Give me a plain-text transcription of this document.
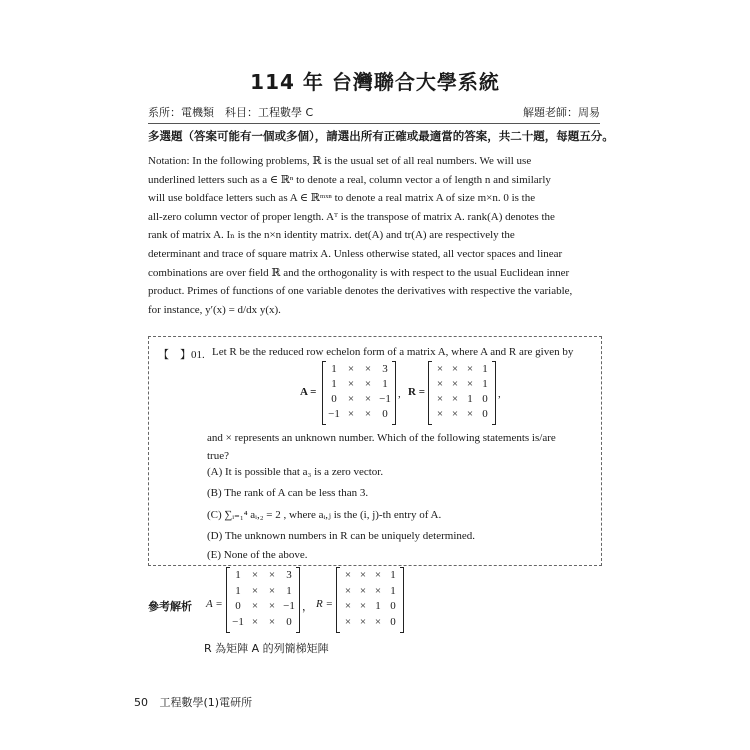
114 年 台灣聯合大學系統
系所：電機類　科目：工程數學 C	解題老師：周易
多選題（答案可能有一個或多個），請選出所有正確或最適當的答案，共二十題，每題五分。
Notation: In the following problems, ℝ is the usual set of all real numbers. We will use
underlined letters such as a ∈ ℝⁿ to denote a real, column vector a of length n and similarly
will use boldface letters such as A ∈ ℝᵐˣⁿ to denote a real matrix A of size m×n. 0 is the
all-zero column vector of proper length. Aᵀ is the transpose of matrix A. rank(A) denotes the
rank of matrix A. Iₙ is the n×n identity matrix. det(A) and tr(A) are respectively the
determinant and trace of square matrix A. Unless otherwise stated, all vector spaces and linear
combinations are over field ℝ and the orthogonality is with respect to the usual Euclidean inner
product. Primes of functions of one variable denotes the derivatives with respective the variable,
for instance, y′(x) = d/dx y(x).
【　】01. Let R be the reduced row echelon form of a matrix A, where A and R are given by
A =
1	× ×	3
1	× ×	1
0	× × −1
−1 × ×	0
, R =
× × × 1
× × × 1
× × 1 0
× × × 0
,
and × represents an unknown number. Which of the following statements is/are
true?
(A) It is possible that a₃ is a zero vector.
(B) The rank of A can be less than 3.
(C) ∑ᵢ₌₁⁴ aᵢ,₂ = 2 , where aᵢ,ⱼ is the (i, j)-th entry of A.
(D) The unknown numbers in R can be uniquely determined.
(E) None of the above.
參考解析 A =
1	× ×	3
1	× ×	1
0	× × −1
−1 × ×	0
， R =
× × × 1
× × × 1
× × 1 0
× × × 0
R 為矩陣 A 的列簡梯矩陣
50 工程數學(1)電研所
